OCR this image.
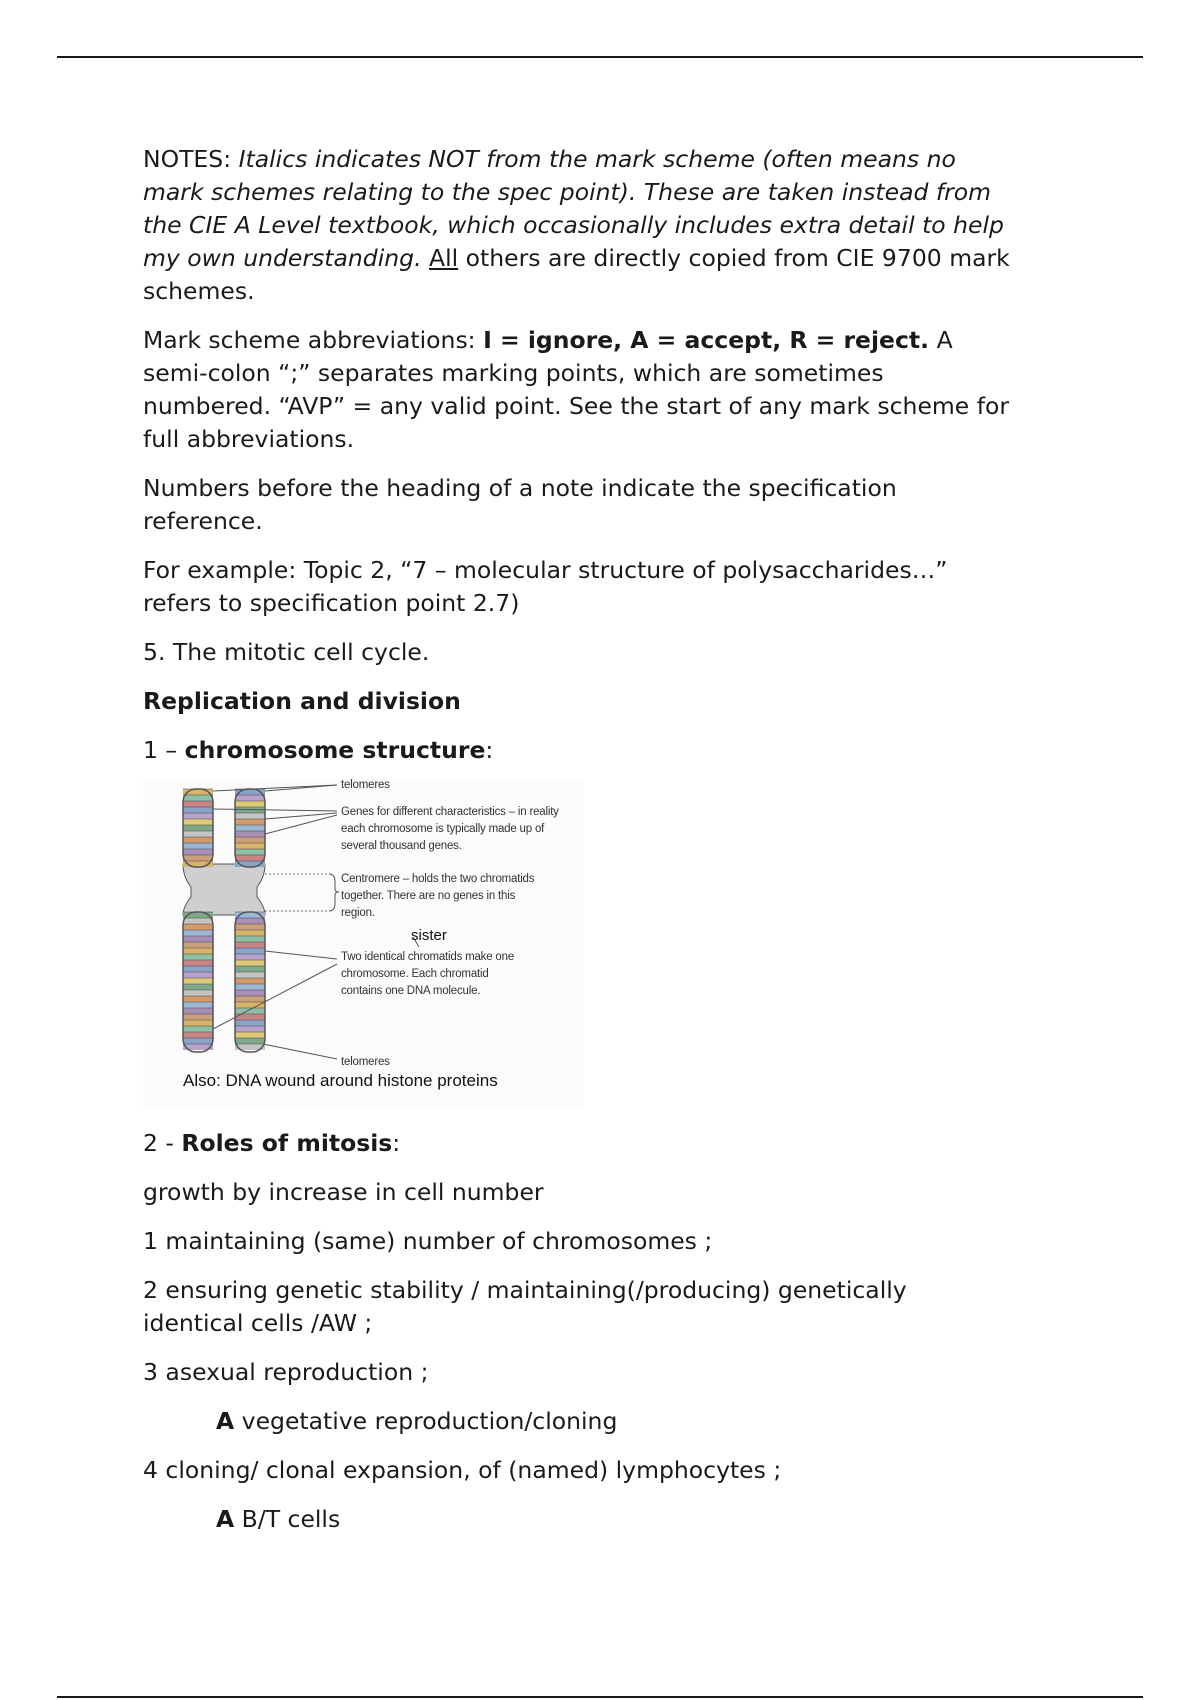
NOTES: Italics indicates NOT from the mark scheme (often means no mark schemes relating to the spec point). These are taken instead from the CIE A Level textbook, which occasionally includes extra detail to help my own understanding. All others are directly copied from CIE 9700 mark schemes.

Mark scheme abbreviations: I = ignore, A = accept, R = reject. A semi-colon “;” separates marking points, which are sometimes numbered. “AVP” = any valid point. See the start of any mark scheme for full abbreviations.

Numbers before the heading of a note indicate the specification reference.

For example: Topic 2, “7 – molecular structure of polysaccharides…” refers to specification point 2.7)

5. The mitotic cell cycle.

Replication and division

1 – chromosome structure:

telomeres
Genes for different characteristics – in reality each chromosome is typically made up of several thousand genes.
Centromere – holds the two chromatids together. There are no genes in this region.
sister
Two identical chromatids make one chromosome. Each chromatid contains one DNA molecule.
telomeres
Also: DNA wound around histone proteins

2 - Roles of mitosis:

growth by increase in cell number

1 maintaining (same) number of chromosomes ;

2 ensuring genetic stability / maintaining(/producing) genetically identical cells /AW ;

3 asexual reproduction ;

A vegetative reproduction/cloning

4 cloning/ clonal expansion, of (named) lymphocytes ;

A B/T cells
